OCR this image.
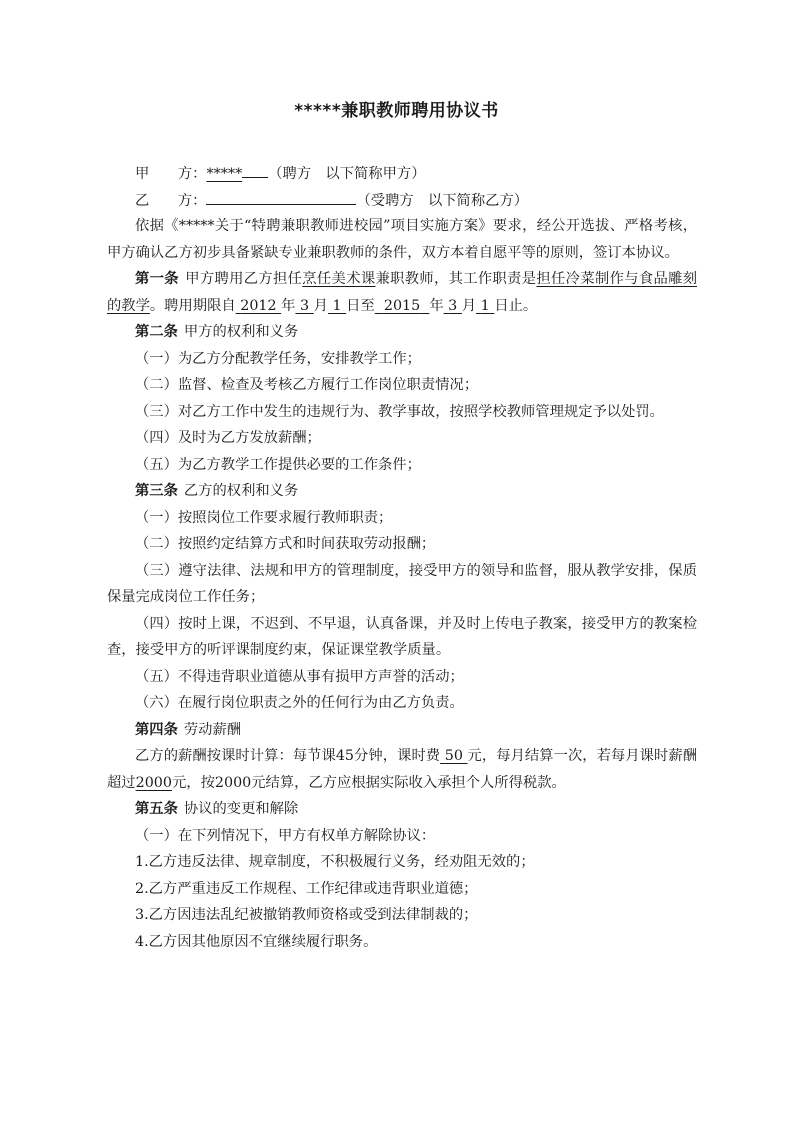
*****兼职教师聘用协议书
甲　　方：***** （聘方　以下简称甲方）
乙　　方：	（受聘方　以下简称乙方）
依据《*****关于“特聘兼职教师进校园”项目实施方案》要求，经公开选拔、严格考核，甲方确认乙方初步具备紧缺专业兼职教师的条件，双方本着自愿平等的原则，签订本协议。
第一条 甲方聘用乙方担任烹任美术课兼职教师，其工作职责是担任冷菜制作与食品雕刻的教学。聘用期限自 2012 年 3 月 1 日至 2015 年 3 月 1 日止。
第二条 甲方的权利和义务
（一）为乙方分配教学任务，安排教学工作；
（二）监督、检查及考核乙方履行工作岗位职责情况；
（三）对乙方工作中发生的违规行为、教学事故，按照学校教师管理规定予以处罚。
（四）及时为乙方发放薪酬；
（五）为乙方教学工作提供必要的工作条件；
第三条 乙方的权利和义务
（一）按照岗位工作要求履行教师职责；
（二）按照约定结算方式和时间获取劳动报酬；
（三）遵守法律、法规和甲方的管理制度，接受甲方的领导和监督，服从教学安排，保质保量完成岗位工作任务；
（四）按时上课，不迟到、不早退，认真备课，并及时上传电子教案，接受甲方的教案检查，接受甲方的听评课制度约束，保证课堂教学质量。
（五）不得违背职业道德从事有损甲方声誉的活动；
（六）在履行岗位职责之外的任何行为由乙方负责。
第四条 劳动薪酬
乙方的薪酬按课时计算：每节课45分钟，课时费 50 元，每月结算一次，若每月课时薪酬超过2000元，按2000元结算，乙方应根据实际收入承担个人所得税款。
第五条 协议的变更和解除
（一）在下列情况下，甲方有权单方解除协议：
1.乙方违反法律、规章制度，不积极履行义务，经劝阻无效的；
2.乙方严重违反工作规程、工作纪律或违背职业道德；
3.乙方因违法乱纪被撤销教师资格或受到法律制裁的；
4.乙方因其他原因不宜继续履行职务。
